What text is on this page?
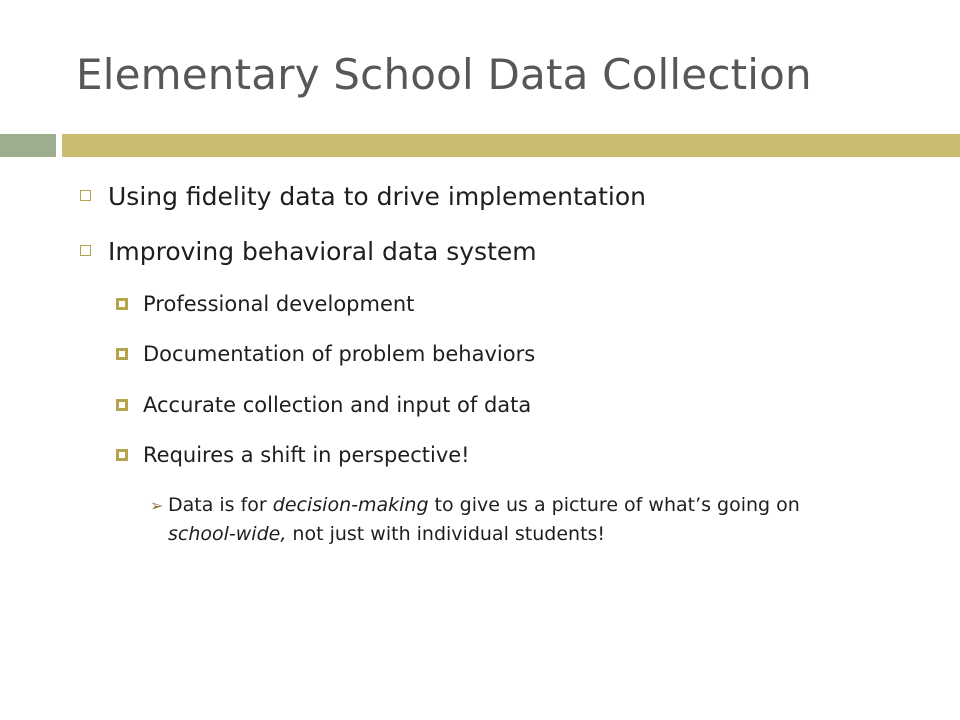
Elementary School Data Collection
Using fidelity data to drive implementation
Improving behavioral data system
Professional development
Documentation of problem behaviors
Accurate collection and input of data
Requires a shift in perspective!
➢ Data is for decision-making to give us a picture of what’s going on school-wide, not just with individual students!
